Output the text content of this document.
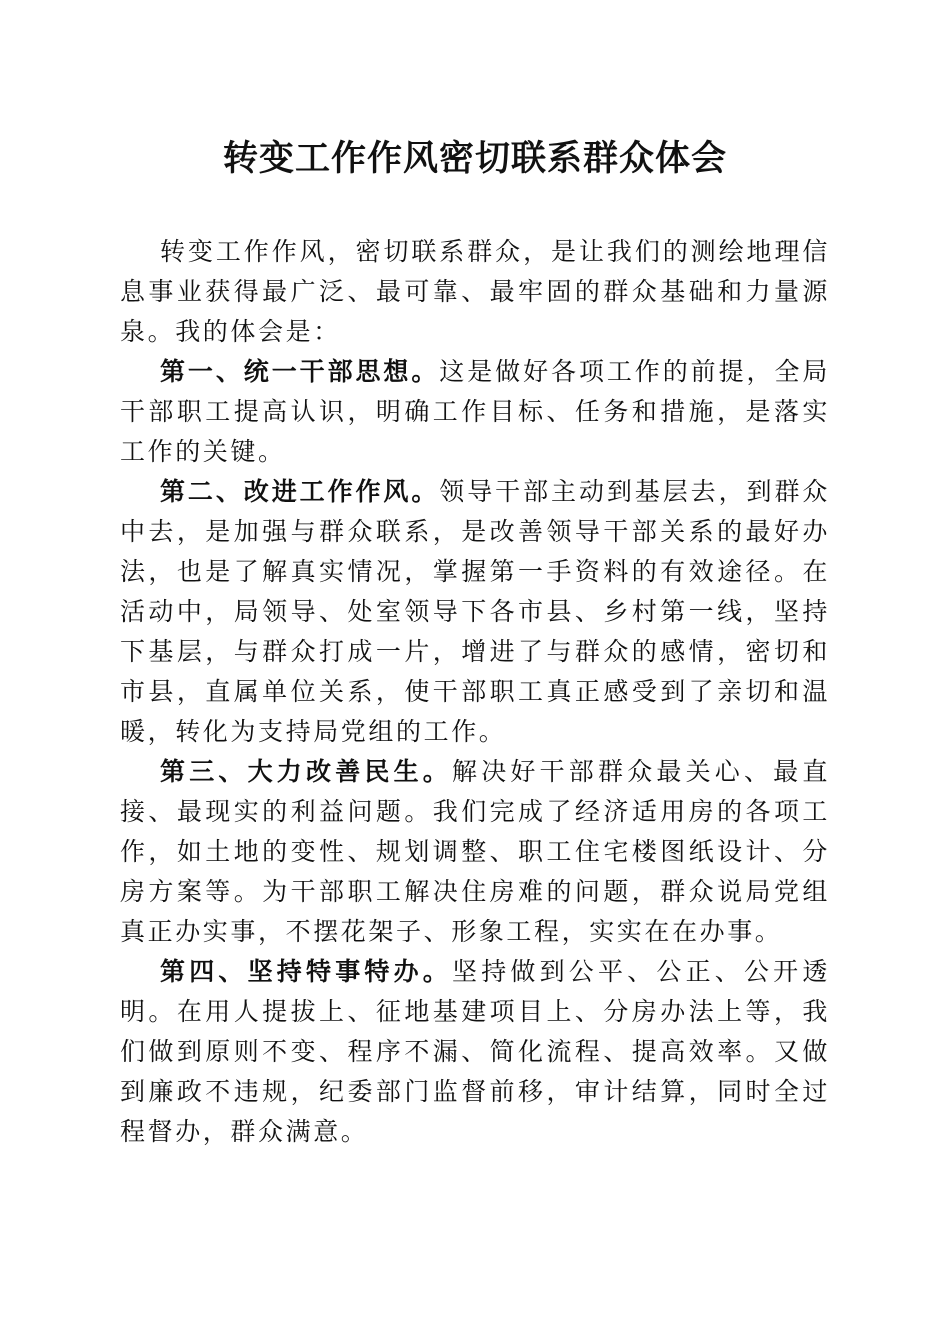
转变工作作风密切联系群众体会

转变工作作风，密切联系群众，是让我们的测绘地理信息事业获得最广泛、最可靠、最牢固的群众基础和力量源泉。我的体会是：

第一、统一干部思想。这是做好各项工作的前提，全局干部职工提高认识，明确工作目标、任务和措施，是落实工作的关键。

第二、改进工作作风。领导干部主动到基层去，到群众中去，是加强与群众联系，是改善领导干部关系的最好办法，也是了解真实情况，掌握第一手资料的有效途径。在活动中，局领导、处室领导下各市县、乡村第一线，坚持下基层，与群众打成一片，增进了与群众的感情，密切和市县，直属单位关系，使干部职工真正感受到了亲切和温暖，转化为支持局党组的工作。

第三、大力改善民生。解决好干部群众最关心、最直接、最现实的利益问题。我们完成了经济适用房的各项工作，如土地的变性、规划调整、职工住宅楼图纸设计、分房方案等。为干部职工解决住房难的问题，群众说局党组真正办实事，不摆花架子、形象工程，实实在在办事。

第四、坚持特事特办。坚持做到公平、公正、公开透明。在用人提拔上、征地基建项目上、分房办法上等，我们做到原则不变、程序不漏、简化流程、提高效率。又做到廉政不违规，纪委部门监督前移，审计结算，同时全过程督办，群众满意。
